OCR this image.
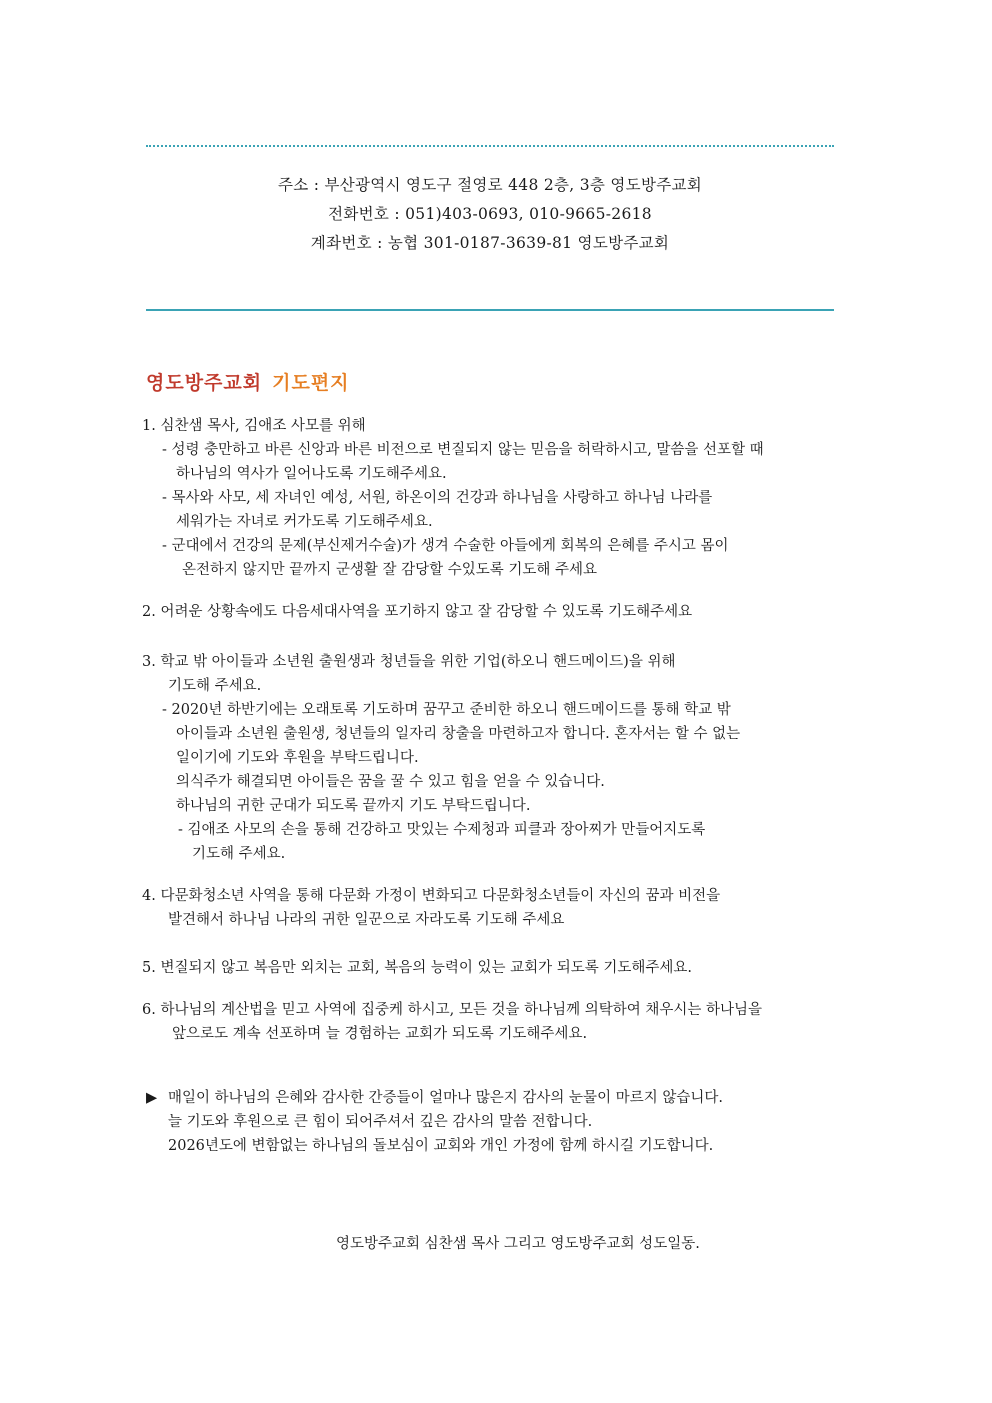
주소 : 부산광역시 영도구 절영로 448 2층, 3층 영도방주교회
전화번호 : 051)403-0693, 010-9665-2618
계좌번호 : 농협 301-0187-3639-81 영도방주교회
영도방주교회 기도편지
1. 심찬샘 목사, 김애조 사모를 위해
- 성령 충만하고 바른 신앙과 바른 비전으로 변질되지 않는 믿음을 허락하시고, 말씀을 선포할 때
하나님의 역사가 일어나도록 기도해주세요.
- 목사와 사모, 세 자녀인 예성, 서원, 하온이의 건강과 하나님을 사랑하고 하나님 나라를
세워가는 자녀로 커가도록 기도해주세요.
- 군대에서 건강의 문제(부신제거수술)가 생겨 수술한 아들에게 회복의 은혜를 주시고 몸이
온전하지 않지만 끝까지 군생활 잘 감당할 수있도록 기도해 주세요
2. 어려운 상황속에도 다음세대사역을 포기하지 않고 잘 감당할 수 있도록 기도해주세요
3. 학교 밖 아이들과 소년원 출원생과 청년들을 위한 기업(하오니 핸드메이드)을 위해
기도해 주세요.
- 2020년 하반기에는 오래토록 기도하며 꿈꾸고 준비한 하오니 핸드메이드를 통해 학교 밖
아이들과 소년원 출원생, 청년들의 일자리 창출을 마련하고자 합니다. 혼자서는 할 수 없는
일이기에 기도와 후원을 부탁드립니다.
의식주가 해결되면 아이들은 꿈을 꿀 수 있고 힘을 얻을 수 있습니다.
하나님의 귀한 군대가 되도록 끝까지 기도 부탁드립니다.
- 김애조 사모의 손을 통해 건강하고 맛있는 수제청과 피클과 장아찌가 만들어지도록
기도해 주세요.
4. 다문화청소년 사역을 통해 다문화 가정이 변화되고 다문화청소년들이 자신의 꿈과 비전을
발견해서 하나님 나라의 귀한 일꾼으로 자라도록 기도해 주세요
5. 변질되지 않고 복음만 외치는 교회, 복음의 능력이 있는 교회가 되도록 기도해주세요.
6. 하나님의 계산법을 믿고 사역에 집중케 하시고, 모든 것을 하나님께 의탁하여 채우시는 하나님을
앞으로도 계속 선포하며 늘 경험하는 교회가 되도록 기도해주세요.
▶ 매일이 하나님의 은혜와 감사한 간증들이 얼마나 많은지 감사의 눈물이 마르지 않습니다.
늘 기도와 후원으로 큰 힘이 되어주셔서 깊은 감사의 말씀 전합니다.
2026년도에 변함없는 하나님의 돌보심이 교회와 개인 가정에 함께 하시길 기도합니다.
영도방주교회 심찬샘 목사 그리고 영도방주교회 성도일동.
